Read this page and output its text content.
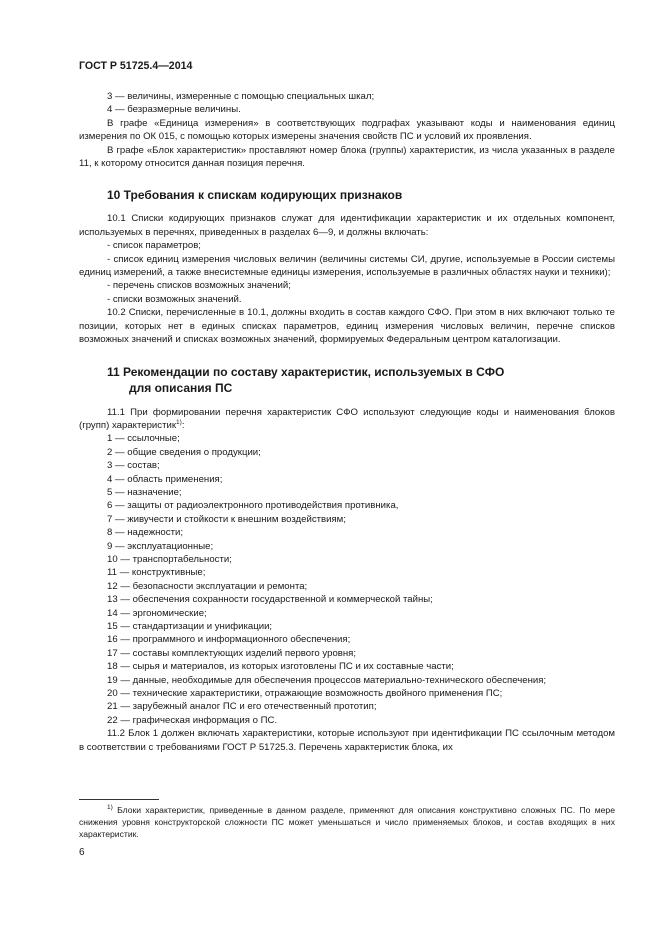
ГОСТ Р 51725.4—2014

3 — величины, измеренные с помощью специальных шкал;

4 — безразмерные величины.

В графе «Единица измерения» в соответствующих подграфах указывают коды и наименования единиц измерения по ОК 015, с помощью которых измерены значения свойств ПС и условий их проявления.

В графе «Блок характеристик» проставляют номер блока (группы) характеристик, из числа указанных в разделе 11, к которому относится данная позиция перечня.

10 Требования к спискам кодирующих признаков

10.1 Списки кодирующих признаков служат для идентификации характеристик и их отдельных компонент, используемых в перечнях, приведенных в разделах 6—9, и должны включать:

- список параметров;

- список единиц измерения числовых величин (величины системы СИ, другие, используемые в России системы единиц измерений, а также внесистемные единицы измерения, используемые в различных областях науки и техники);

- перечень списков возможных значений;

- списки возможных значений.

10.2 Списки, перечисленные в 10.1, должны входить в состав каждого СФО. При этом в них включают только те позиции, которых нет в единых списках параметров, единиц измерения числовых величин, перечне списков возможных значений и списках возможных значений, формируемых Федеральным центром каталогизации.

11 Рекомендации по составу характеристик, используемых в СФО
для описания ПС

11.1 При формировании перечня характеристик СФО используют следующие коды и наименования блоков (групп) характеристик$^{1)}$:

1 — ссылочные;

2 — общие сведения о продукции;

3 — состав;

4 — область применения;

5 — назначение;

6 — защиты от радиоэлектронного противодействия противника,

7 — живучести и стойкости к внешним воздействиям;

8 — надежности;

9 — эксплуатационные;

10 — транспортабельности;

11 — конструктивные;

12 — безопасности эксплуатации и ремонта;

13 — обеспечения сохранности государственной и коммерческой тайны;

14 — эргономические;

15 — стандартизации и унификации;

16 — программного и информационного обеспечения;

17 — составы комплектующих изделий первого уровня;

18 — сырья и материалов, из которых изготовлены ПС и их составные части;

19 — данные, необходимые для обеспечения процессов материально-технического обеспечения;

20 — технические характеристики, отражающие возможность двойного применения ПС;

21 — зарубежный аналог ПС и его отечественный прототип;

22 — графическая информация о ПС.

11.2 Блок 1 должен включать характеристики, которые используют при идентификации ПС ссылочным методом в соответствии с требованиями ГОСТ Р 51725.3. Перечень характеристик блока, их

$^{1)}$ Блоки характеристик, приведенные в данном разделе, применяют для описания конструктивно сложных ПС. По мере снижения уровня конструкторской сложности ПС может уменьшаться и число применяемых блоков, и состав входящих в них характеристик.

6
